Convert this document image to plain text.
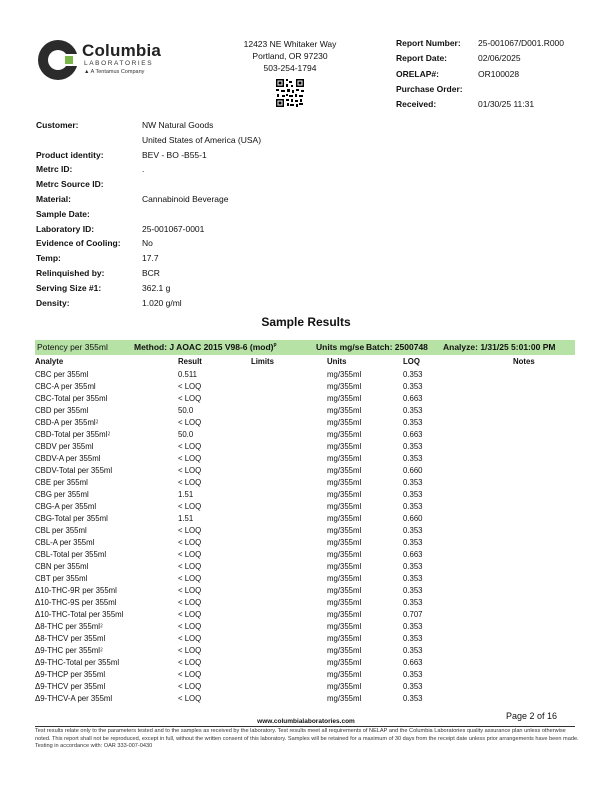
Columbia
LABORATORIES
▲ A Tentamus Company
12423 NE Whitaker Way
Portland, OR 97230
503-254-1794
Report Number: 25-001067/D001.R000
Report Date:	02/06/2025
ORELAP#:	OR100028
Purchase Order:
Received:	01/30/25 11:31
Customer:	NW Natural Goods
United States of America (USA)
Product identity:	BEV - BO -B55-1
Metrc ID:	.
Metrc Source ID:
Material:	Cannabinoid Beverage
Sample Date:
Laboratory ID:	25-001067-0001
Evidence of Cooling:	No
Temp:	17.7
Relinquished by:	BCR
Serving Size #1:	362.1 g
Density:	1.020 g/ml
Sample Results
Potency per 355ml	Method: J AOAC 2015 V98-6 (mod)$^p$	Units mg/se Batch: 2500748 Analyze: 1/31/25 5:01:00 PM
Analyte	Result	Limits	Units	LOQ	Notes
CBC per 355ml	0.511	mg/355ml	0.353
CBC-A per 355ml	< LOQ	mg/355ml	0.353
CBC-Total per 355ml	< LOQ	mg/355ml	0.663
CBD per 355ml	50.0	mg/355ml	0.353
CBD-A per 355ml⁲	< LOQ	mg/355ml	0.353
CBD-Total per 355ml⁲	50.0	mg/355ml	0.663
CBDV per 355ml	< LOQ	mg/355ml	0.353
CBDV-A per 355ml	< LOQ	mg/355ml	0.353
CBDV-Total per 355ml	< LOQ	mg/355ml	0.660
CBE per 355ml	< LOQ	mg/355ml	0.353
CBG per 355ml	1.51	mg/355ml	0.353
CBG-A per 355ml	< LOQ	mg/355ml	0.353
CBG-Total per 355ml	1.51	mg/355ml	0.660
CBL per 355ml	< LOQ	mg/355ml	0.353
CBL-A per 355ml	< LOQ	mg/355ml	0.353
CBL-Total per 355ml	< LOQ	mg/355ml	0.663
CBN per 355ml	< LOQ	mg/355ml	0.353
CBT per 355ml	< LOQ	mg/355ml	0.353
Δ10-THC-9R per 355ml	< LOQ	mg/355ml	0.353
Δ10-THC-9S per 355ml	< LOQ	mg/355ml	0.353
Δ10-THC-Total per 355ml	< LOQ	mg/355ml	0.707
Δ8-THC per 355ml⁲	< LOQ	mg/355ml	0.353
Δ8-THCV per 355ml	< LOQ	mg/355ml	0.353
Δ9-THC per 355ml⁲	< LOQ	mg/355ml	0.353
Δ9-THC-Total per 355ml	< LOQ	mg/355ml	0.663
Δ9-THCP per 355ml	< LOQ	mg/355ml	0.353
Δ9-THCV per 355ml	< LOQ	mg/355ml	0.353
Δ9-THCV-A per 355ml	< LOQ	mg/355ml	0.353
Page 2 of 16
www.columbialaboratories.com
Test results relate only to the parameters tested and to the samples as received by the laboratory. Test results meet all requirements of NELAP and the Columbia Laboratories quality assurance plan unless otherwise noted. This report shall not be reproduced, except in full, without the written consent of this laboratory. Samples will be retained for a maximum of 30 days from the receipt date unless prior arrangements have been made.
Testing in accordance with: OAR 333-007-0430
